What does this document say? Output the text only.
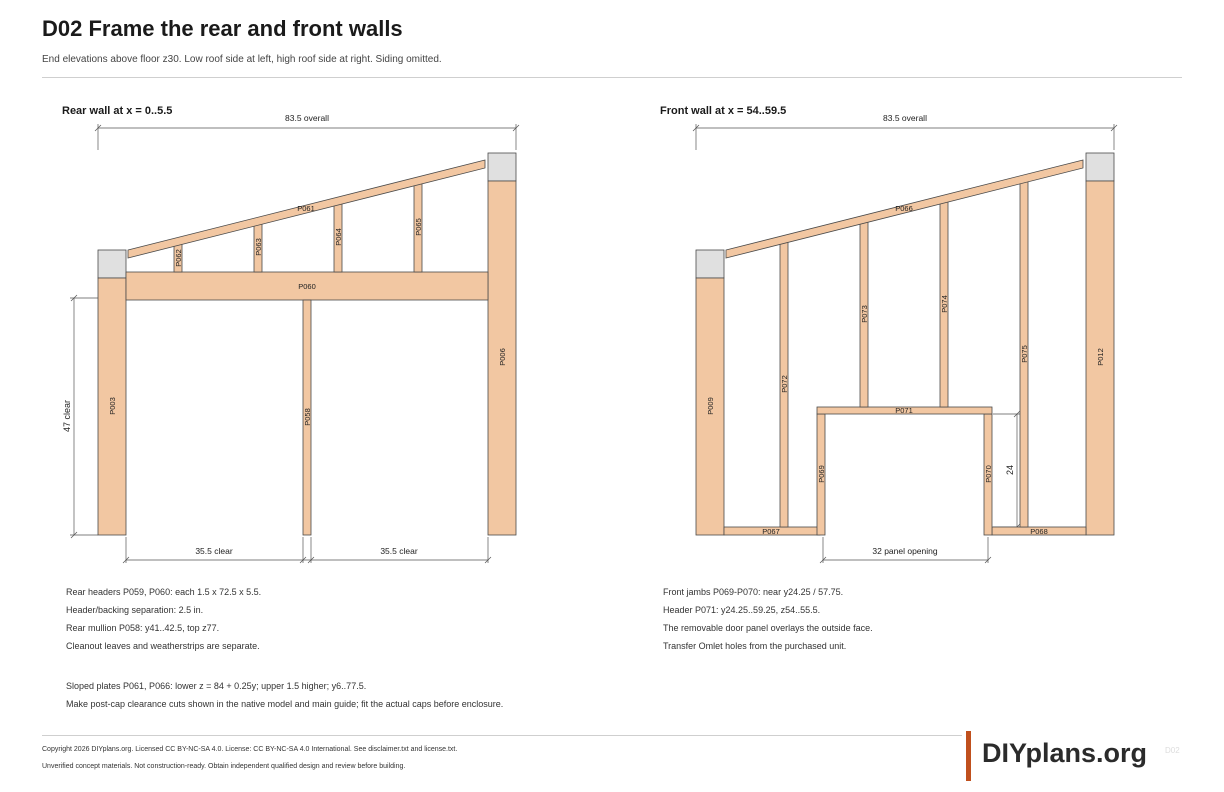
D02 Frame the rear and front walls
End elevations above floor z30. Low roof side at left, high roof side at right. Siding omitted.
Rear wall at x = 0..5.5
83.5 overall
47 clear
35.5 clear	35.5 clear
P060
P061
P003
P006
P058
P062
P063
P064
P065
Front wall at x = 54..59.5
83.5 overall
24
32 panel opening
P066
P071
P067	P068
P009
P012
P069	P070
P072
P073
P074
P075
Rear headers P059, P060: each 1.5 x 72.5 x 5.5.
Header/backing separation: 2.5 in.
Rear mullion P058: y41..42.5, top z77.
Cleanout leaves and weatherstrips are separate.
Front jambs P069-P070: near y24.25 / 57.75.
Header P071: y24.25..59.25, z54..55.5.
The removable door panel overlays the outside face.
Transfer Omlet holes from the purchased unit.
Sloped plates P061, P066: lower z = 84 + 0.25y; upper 1.5 higher; y6..77.5.
Make post-cap clearance cuts shown in the native model and main guide; fit the actual caps before enclosure.
Copyright 2026 DIYplans.org. Licensed CC BY-NC-SA 4.0. License: CC BY-NC-SA 4.0 International. See disclaimer.txt and license.txt.
Unverified concept materials. Not construction-ready. Obtain independent qualified design and review before building.	DIYplans.org D02
